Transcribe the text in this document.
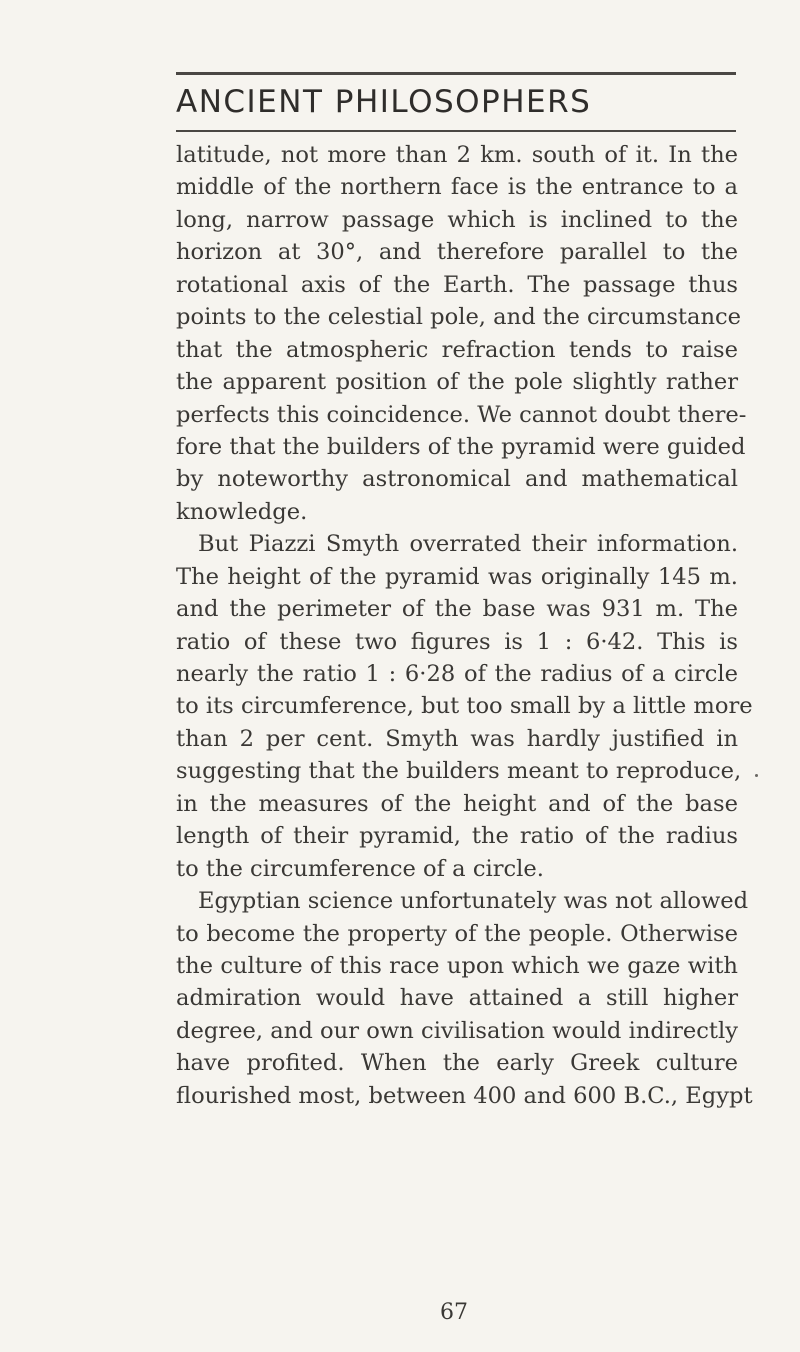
ANCIENT PHILOSOPHERS
latitude, not more than 2 km. south of it. In the
middle of the northern face is the entrance to a
long, narrow passage which is inclined to the
horizon at 30°, and therefore parallel to the
rotational axis of the Earth. The passage thus
points to the celestial pole, and the circumstance
that the atmospheric refraction tends to raise
the apparent position of the pole slightly rather
perfects this coincidence. We cannot doubt there-
fore that the builders of the pyramid were guided
by noteworthy astronomical and mathematical
knowledge.
But Piazzi Smyth overrated their information.
The height of the pyramid was originally 145 m.
and the perimeter of the base was 931 m. The
ratio of these two figures is 1 : 6·42. This is
nearly the ratio 1 : 6·28 of the radius of a circle
to its circumference, but too small by a little more
than 2 per cent. Smyth was hardly justified in
suggesting that the builders meant to reproduce,
in the measures of the height and of the base
length of their pyramid, the ratio of the radius
to the circumference of a circle.
Egyptian science unfortunately was not allowed
to become the property of the people. Otherwise
the culture of this race upon which we gaze with
admiration would have attained a still higher
degree, and our own civilisation would indirectly
have profited. When the early Greek culture
flourished most, between 400 and 600 B.C., Egypt
67
